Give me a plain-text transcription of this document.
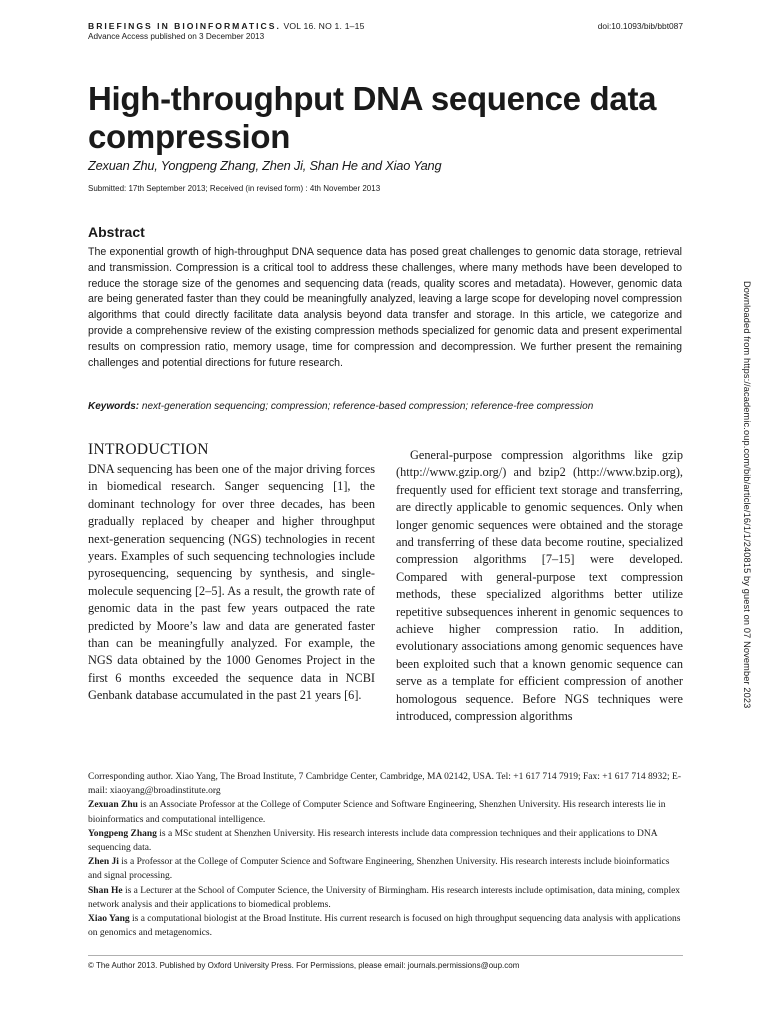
BRIEFINGS IN BIOINFORMATICS. VOL 16. NO 1. 1–15
Advance Access published on 3 December 2013
doi:10.1093/bib/bbt087
High-throughput DNA sequence data compression
Zexuan Zhu, Yongpeng Zhang, Zhen Ji, Shan He and Xiao Yang
Submitted: 17th September 2013; Received (in revised form) : 4th November 2013
Abstract

The exponential growth of high-throughput DNA sequence data has posed great challenges to genomic data storage, retrieval and transmission. Compression is a critical tool to address these challenges, where many methods have been developed to reduce the storage size of the genomes and sequencing data (reads, quality scores and metadata). However, genomic data are being generated faster than they could be meaningfully analyzed, leaving a large scope for developing novel compression algorithms that could directly facilitate data analysis beyond data transfer and storage. In this article, we categorize and provide a comprehensive review of the existing compression methods specialized for genomic data and present experimental results on compression ratio, memory usage, time for compression and decompression. We further present the remaining challenges and potential directions for future research.

Keywords: next-generation sequencing; compression; reference-based compression; reference-free compression
INTRODUCTION

DNA sequencing has been one of the major driving forces in biomedical research. Sanger sequencing [1], the dominant technology for over three decades, has been gradually replaced by cheaper and higher throughput next-generation sequencing (NGS) technologies in recent years. Examples of such sequencing technologies include pyrosequencing, sequencing by synthesis, and single-molecule sequencing [2–5]. As a result, the growth rate of genomic data in the past few years outpaced the rate predicted by Moore’s law and data are generated faster than can be meaningfully analyzed. For example, the NGS data obtained by the 1000 Genomes Project in the first 6 months exceeded the sequence data in NCBI Genbank database accumulated in the past 21 years [6].

General-purpose compression algorithms like gzip (http://www.gzip.org/) and bzip2 (http://www.bzip.org), frequently used for efficient text storage and transferring, are directly applicable to genomic sequences. Only when longer genomic sequences were obtained and the storage and transferring of these data become routine, specialized compression algorithms [7–15] were developed. Compared with general-purpose text compression methods, these specialized algorithms better utilize repetitive subsequences inherent in genomic sequences to achieve higher compression ratio. In addition, evolutionary associations among genomic sequences have been exploited such that a known genomic sequence can serve as a template for efficient compression of another homologous sequence. Before NGS techniques were introduced, compression algorithms

Corresponding author. Xiao Yang, The Broad Institute, 7 Cambridge Center, Cambridge, MA 02142, USA. Tel: +1 617 714 7919; Fax: +1 617 714 8932; E-mail: xiaoyang@broadinstitute.org

Zexuan Zhu is an Associate Professor at the College of Computer Science and Software Engineering, Shenzhen University. His research interests lie in bioinformatics and computational intelligence.

Yongpeng Zhang is a MSc student at Shenzhen University. His research interests include data compression techniques and their applications to DNA sequencing data.

Zhen Ji is a Professor at the College of Computer Science and Software Engineering, Shenzhen University. His research interests include bioinformatics and signal processing.

Shan He is a Lecturer at the School of Computer Science, the University of Birmingham. His research interests include optimisation, data mining, complex network analysis and their applications to biomedical problems.

Xiao Yang is a computational biologist at the Broad Institute. His current research is focused on high throughput sequencing data analysis with applications on genomics and metagenomics.

© The Author 2013. Published by Oxford University Press. For Permissions, please email: journals.permissions@oup.com
Downloaded from https://academic.oup.com/bib/article/16/1/1/240815 by guest on 07 November 2023
